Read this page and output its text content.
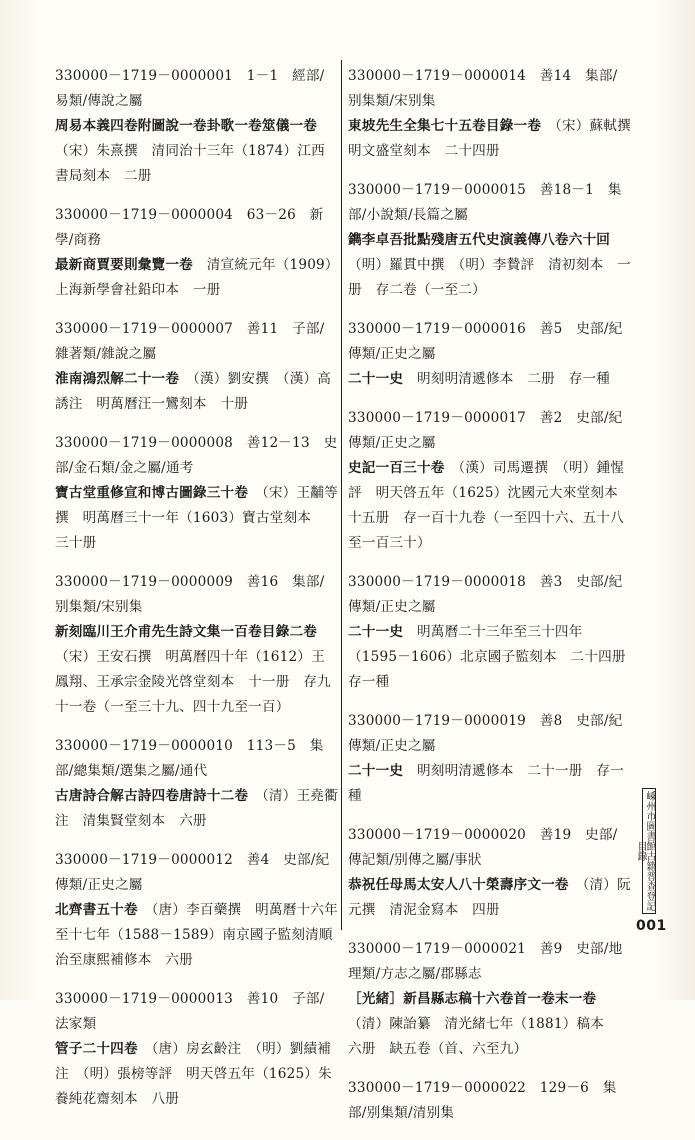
330000－1719－0000001　1－1　經部/易類/傳說之屬
周易本義四卷附圖說一卷卦歌一卷筮儀一卷（宋）朱熹撰　清同治十三年（1874）江西書局刻本　二册
330000－1719－0000004　63－26　新學/商務
最新商賈要則彙覽一卷　 清宣統元年（1909）上海新學會社鉛印本　一册
330000－1719－0000007　善11　子部/雜著類/雜說之屬
淮南鴻烈解二十一卷　 （漢）劉安撰　（漢）高誘注　明萬曆汪一鸞刻本　十册
330000－1719－0000008　善12－13　史部/金石類/金之屬/通考
寶古堂重修宣和博古圖錄三十卷　 （宋）王黼等撰　明萬曆三十一年（1603）寶古堂刻本　三十册
330000－1719－0000009　善16　集部/别集類/宋别集
新刻臨川王介甫先生詩文集一百卷目錄二卷（宋）王安石撰　明萬曆四十年（1612）王鳳翔、王承宗金陵光啓堂刻本　十一册　存九十一卷（一至三十九、四十九至一百）
330000－1719－0000010　113－5　集部/總集類/選集之屬/通代
古唐詩合解古詩四卷唐詩十二卷　 （清）王堯衢注　清集賢堂刻本　六册
330000－1719－0000012　善4　史部/紀傳類/正史之屬
北齊書五十卷　 （唐）李百藥撰　明萬曆十六年至十七年（1588－1589）南京國子監刻清順治至康熙補修本　六册
330000－1719－0000013　善10　子部/法家類
管子二十四卷　 （唐）房玄齡注　（明）劉績補注　（明）張榜等評　明天啓五年（1625）朱養純花齋刻本　八册
330000－1719－0000014　善14　集部/别集類/宋别集
東坡先生全集七十五卷目錄一卷　 （宋）蘇軾撰　明文盛堂刻本　二十四册
330000－1719－0000015　善18－1　集部/小說類/長篇之屬
鐫李卓吾批點殘唐五代史演義傳八卷六十回（明）羅貫中撰　（明）李贄評　清初刻本　一册　存二卷（一至二）
330000－1719－0000016　善5　史部/紀傳類/正史之屬
二十一史　 明刻明清遞修本　二册　存一種
330000－1719－0000017　善2　史部/紀傳類/正史之屬
史記一百三十卷　 （漢）司馬遷撰　（明）鍾惺評　明天啓五年（1625）沈國元大來堂刻本　十五册　存一百十九卷（一至四十六、五十八至一百三十）
330000－1719－0000018　善3　史部/紀傳類/正史之屬
二十一史　 明萬曆二十三年至三十四年（1595－1606）北京國子監刻本　二十四册　存一種
330000－1719－0000019　善8　史部/紀傳類/正史之屬
二十一史　 明刻明清遞修本　二十一册　存一種
330000－1719－0000020　善19　史部/傳記類/别傳之屬/事狀
恭祝任母馬太安人八十榮壽序文一卷　 （清）阮元撰　清泥金寫本　四册
330000－1719－0000021　善9　史部/地理類/方志之屬/郡縣志
［光緒］新昌縣志稿十六卷首一卷末一卷　（清）陳詒纂　清光緒七年（1881）稿本　六册　缺五卷（首、六至九）
330000－1719－0000022　129－6　集部/别集類/清别集
嵊州市圖書館古籍普查登記目錄
001
